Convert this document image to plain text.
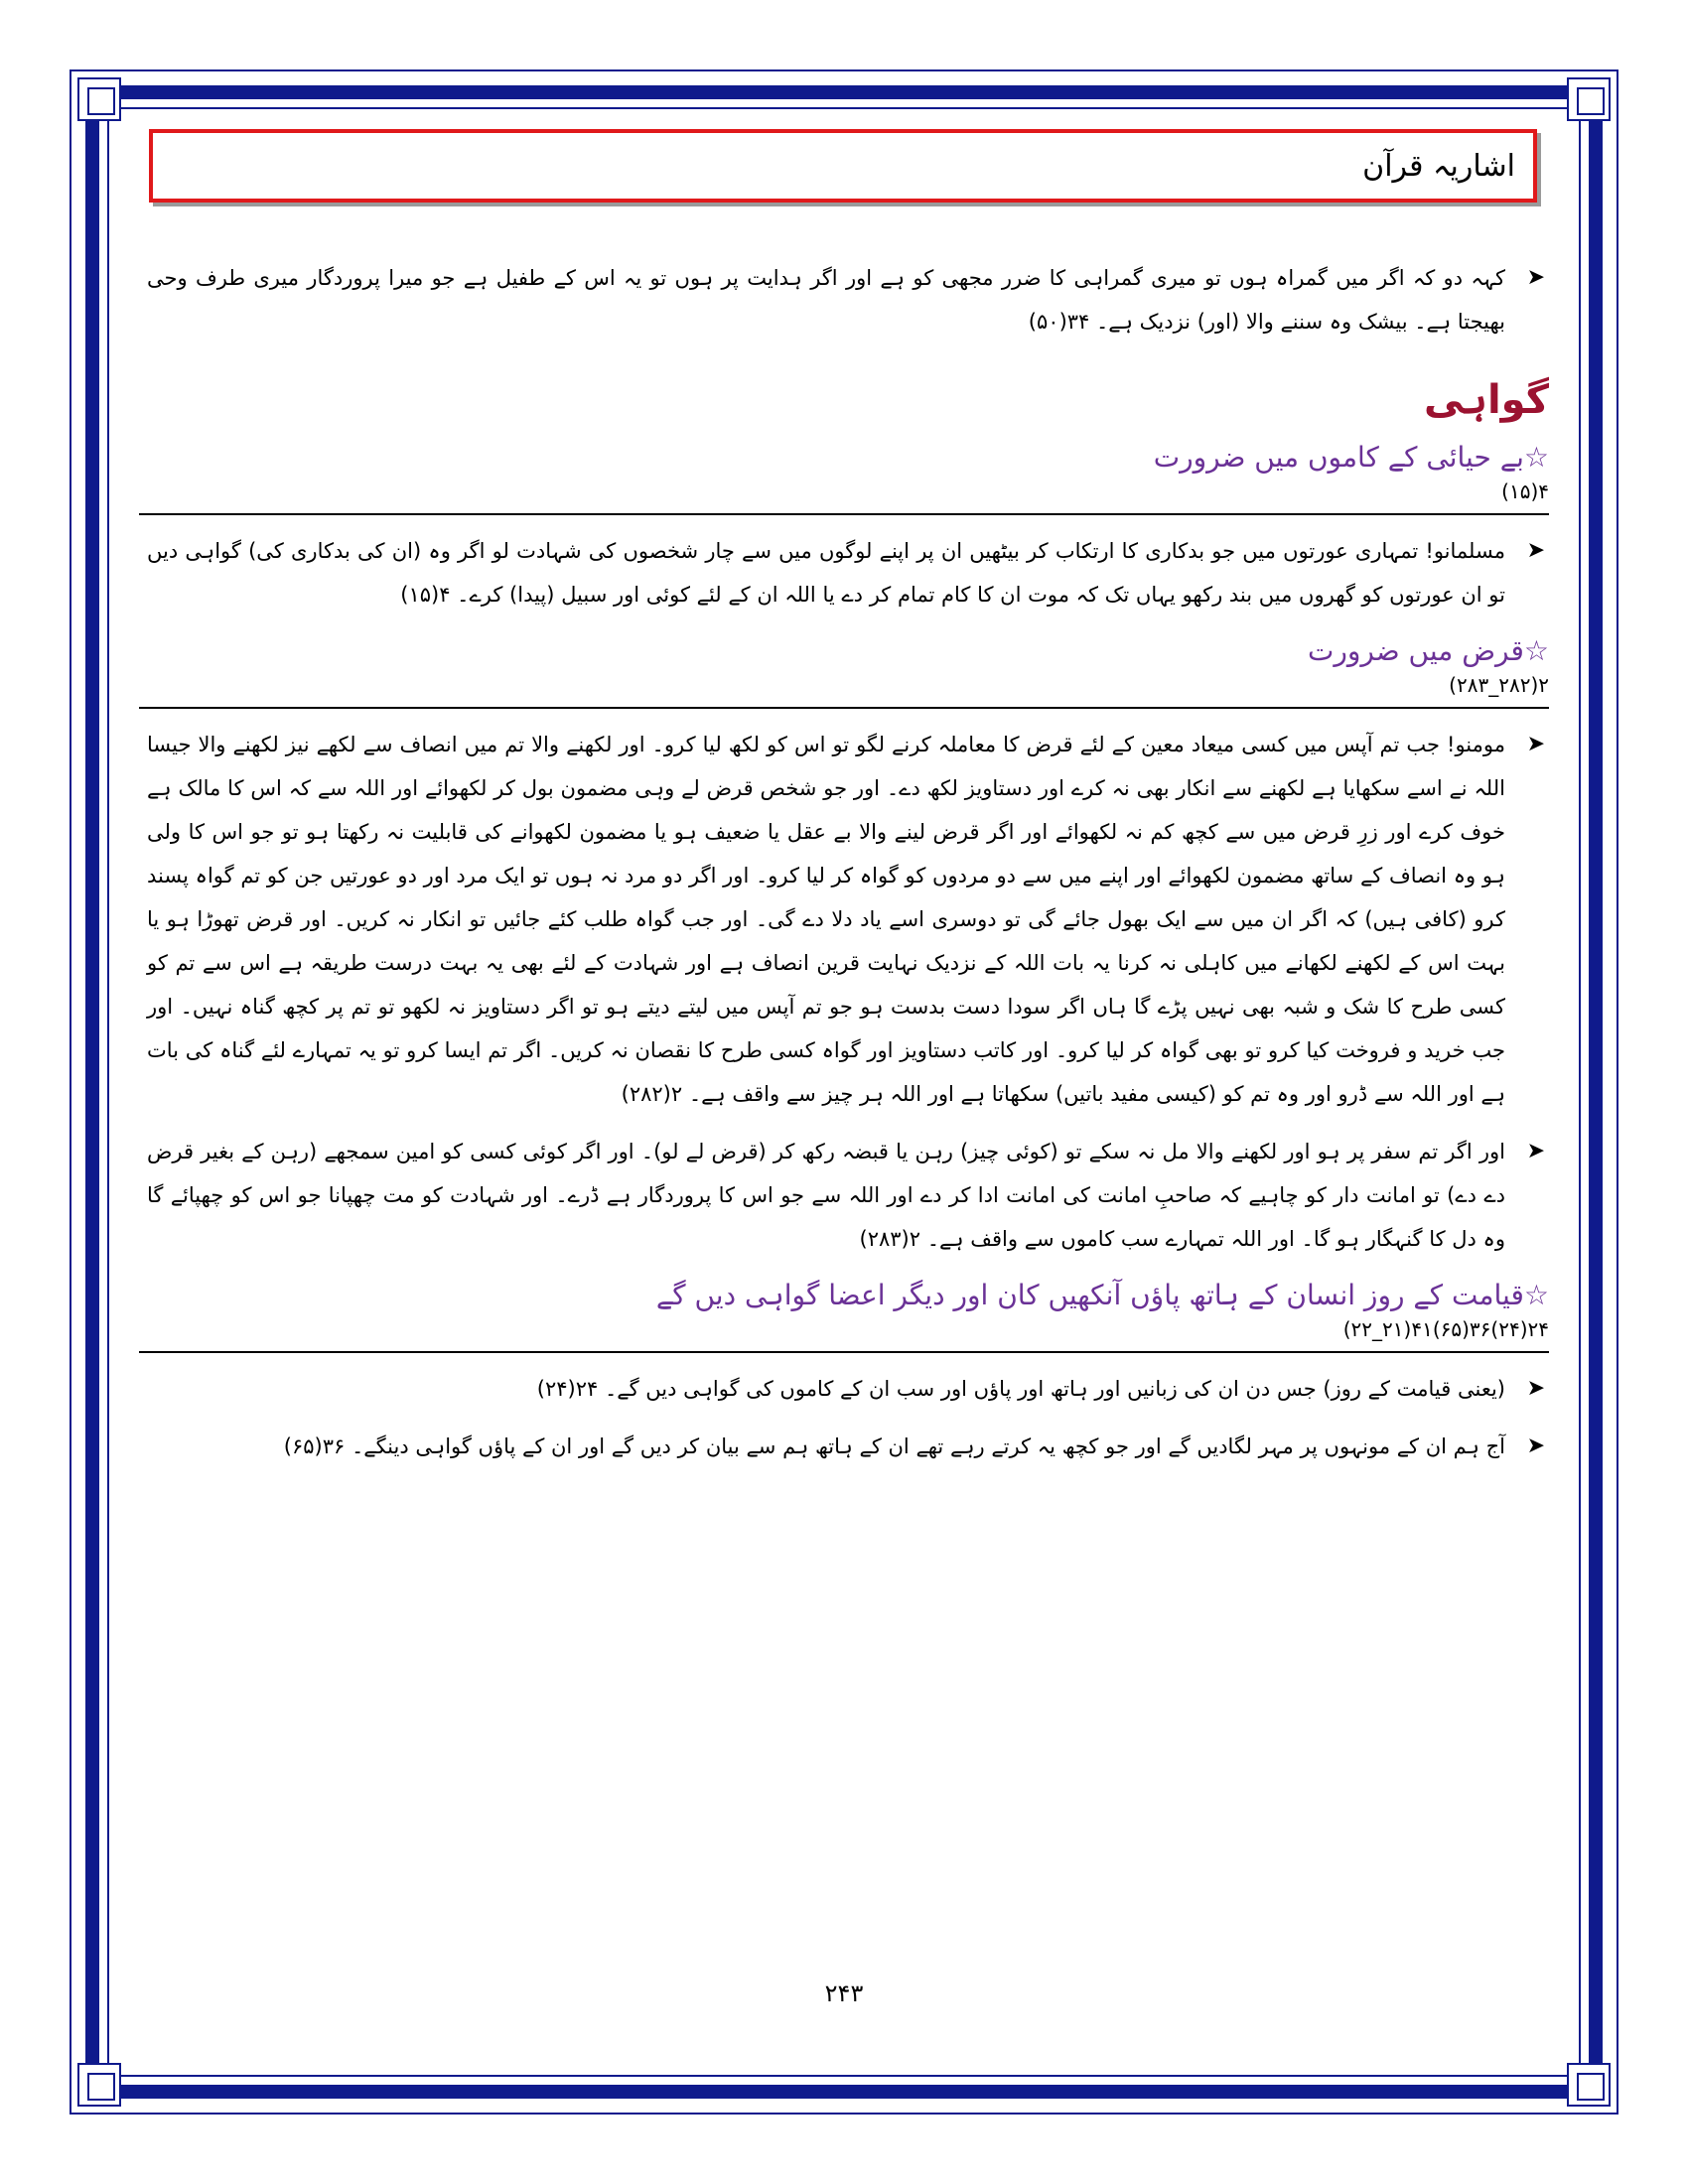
اشاریہ قرآن
➤
کہہ دو کہ اگر میں گمراہ ہوں تو میری گمراہی کا ضرر مجھی کو ہے اور اگر ہدایت پر ہوں تو یہ اس کے طفیل ہے جو میرا پروردگار میری طرف وحی بھیجتا ہے۔ بیشک وہ سننے والا (اور) نزدیک ہے۔ ۳۴(۵۰)
گواہی
☆بے حیائی کے کاموں میں ضرورت
۴(۱۵)
➤
مسلمانو! تمہاری عورتوں میں جو بدکاری کا ارتکاب کر بیٹھیں ان پر اپنے لوگوں میں سے چار شخصوں کی شہادت لو اگر وہ (ان کی بدکاری کی) گواہی دیں تو ان عورتوں کو گھروں میں بند رکھو یہاں تک کہ موت ان کا کام تمام کر دے یا اللہ ان کے لئے کوئی اور سبیل (پیدا) کرے۔ ۴(۱۵)
☆قرض میں ضرورت
۲(۲۸۲_۲۸۳)
➤
مومنو! جب تم آپس میں کسی میعاد معین کے لئے قرض کا معاملہ کرنے لگو تو اس کو لکھ لیا کرو۔ اور لکھنے والا تم میں انصاف سے لکھے نیز لکھنے والا جیسا اللہ نے اسے سکھایا ہے لکھنے سے انکار بھی نہ کرے اور دستاویز لکھ دے۔ اور جو شخص قرض لے وہی مضمون بول کر لکھوائے اور اللہ سے کہ اس کا مالک ہے خوف کرے اور زرِ قرض میں سے کچھ کم نہ لکھوائے اور اگر قرض لینے والا بے عقل یا ضعیف ہو یا مضمون لکھوانے کی قابلیت نہ رکھتا ہو تو جو اس کا ولی ہو وہ انصاف کے ساتھ مضمون لکھوائے اور اپنے میں سے دو مردوں کو گواہ کر لیا کرو۔ اور اگر دو مرد نہ ہوں تو ایک مرد اور دو عورتیں جن کو تم گواہ پسند کرو (کافی ہیں) کہ اگر ان میں سے ایک بھول جائے گی تو دوسری اسے یاد دلا دے گی۔ اور جب گواہ طلب کئے جائیں تو انکار نہ کریں۔ اور قرض تھوڑا ہو یا بہت اس کے لکھنے لکھانے میں کاہلی نہ کرنا یہ بات اللہ کے نزدیک نہایت قرین انصاف ہے اور شہادت کے لئے بھی یہ بہت درست طریقہ ہے اس سے تم کو کسی طرح کا شک و شبہ بھی نہیں پڑے گا ہاں اگر سودا دست بدست ہو جو تم آپس میں لیتے دیتے ہو تو اگر دستاویز نہ لکھو تو تم پر کچھ گناہ نہیں۔ اور جب خرید و فروخت کیا کرو تو بھی گواہ کر لیا کرو۔ اور کاتب دستاویز اور گواہ کسی طرح کا نقصان نہ کریں۔ اگر تم ایسا کرو تو یہ تمہارے لئے گناہ کی بات ہے اور اللہ سے ڈرو اور وہ تم کو (کیسی مفید باتیں) سکھاتا ہے اور اللہ ہر چیز سے واقف ہے۔ ۲(۲۸۲)
➤
اور اگر تم سفر پر ہو اور لکھنے والا مل نہ سکے تو (کوئی چیز) رہن یا قبضہ رکھ کر (قرض لے لو)۔ اور اگر کوئی کسی کو امین سمجھے (رہن کے بغیر قرض دے دے) تو امانت دار کو چاہیے کہ صاحبِ امانت کی امانت ادا کر دے اور اللہ سے جو اس کا پروردگار ہے ڈرے۔ اور شہادت کو مت چھپانا جو اس کو چھپائے گا وہ دل کا گنہگار ہو گا۔ اور اللہ تمہارے سب کاموں سے واقف ہے۔ ۲(۲۸۳)
☆قیامت کے روز انسان کے ہاتھ پاؤں آنکھیں کان اور دیگر اعضا گواہی دیں گے
۲۴(۲۴)۳۶(۶۵)۴۱(۲۱_۲۲)
➤
(یعنی قیامت کے روز) جس دن ان کی زبانیں اور ہاتھ اور پاؤں اور سب ان کے کاموں کی گواہی دیں گے۔ ۲۴(۲۴)
➤
آج ہم ان کے مونہوں پر مہر لگادیں گے اور جو کچھ یہ کرتے رہے تھے ان کے ہاتھ ہم سے بیان کر دیں گے اور ان کے پاؤں گواہی دینگے۔ ۳۶(۶۵)
۲۴۳
